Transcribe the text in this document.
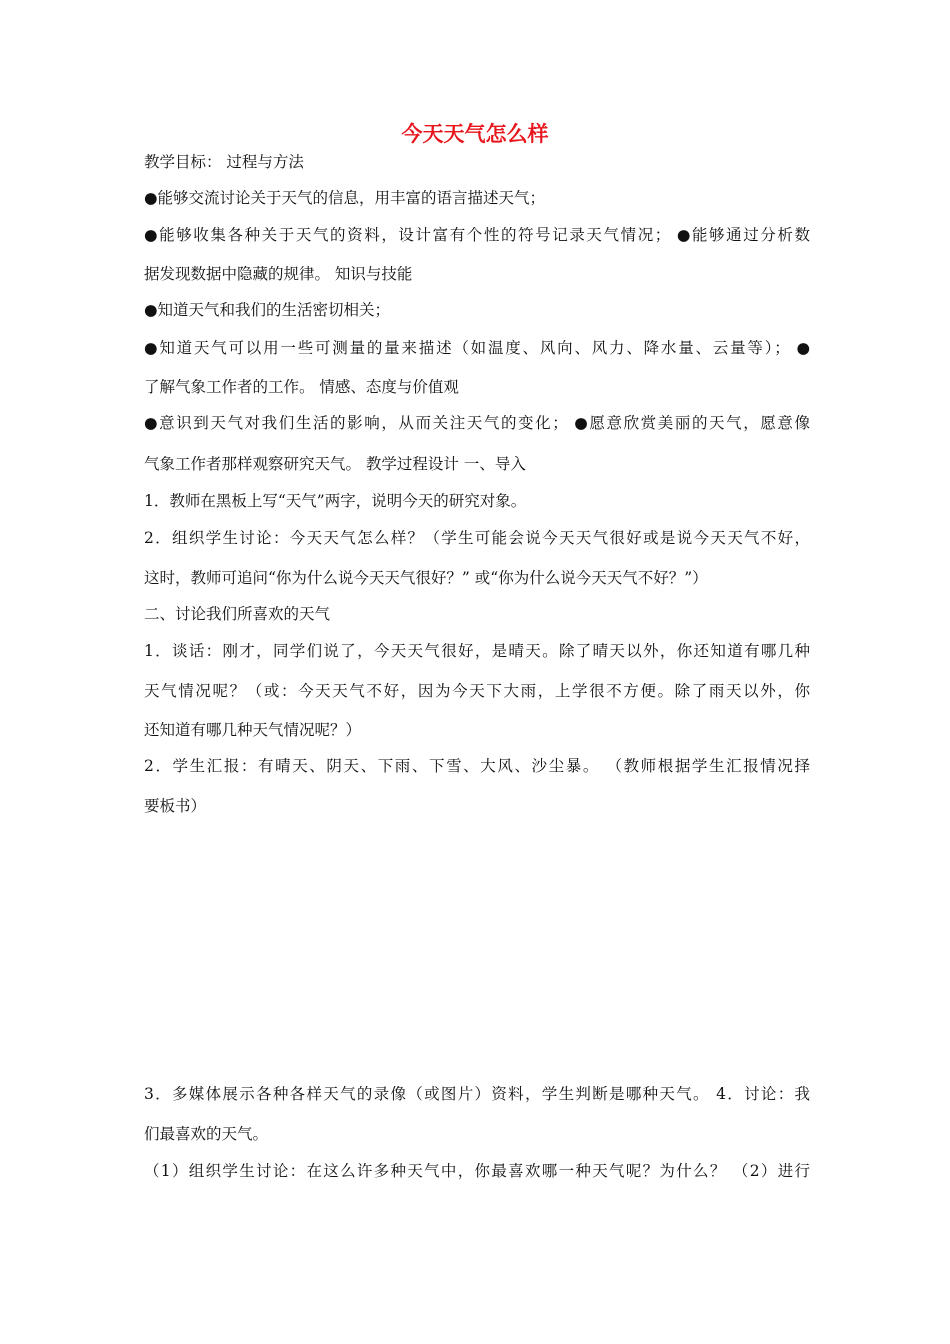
今天天气怎么样
教学目标： 过程与方法
●能够交流讨论关于天气的信息，用丰富的语言描述天气；
●能够收集各种关于天气的资料，设计富有个性的符号记录天气情况； ●能够通过分析数
据发现数据中隐藏的规律。 知识与技能
●知道天气和我们的生活密切相关；
●知道天气可以用一些可测量的量来描述（如温度、风向、风力、降水量、云量等）； ●
了解气象工作者的工作。 情感、态度与价值观
●意识到天气对我们生活的影响，从而关注天气的变化； ●愿意欣赏美丽的天气，愿意像
气象工作者那样观察研究天气。 教学过程设计 一、导入
1．教师在黑板上写“天气”两字，说明今天的研究对象。
2．组织学生讨论：今天天气怎么样？（学生可能会说今天天气很好或是说今天天气不好，
这时，教师可追问“你为什么说今天天气很好？” 或“你为什么说今天天气不好？”）
二、讨论我们所喜欢的天气
1．谈话：刚才，同学们说了，今天天气很好，是晴天。除了晴天以外，你还知道有哪几种
天气情况呢？（或：今天天气不好，因为今天下大雨，上学很不方便。除了雨天以外，你
还知道有哪几种天气情况呢？）
2．学生汇报：有晴天、阴天、下雨、下雪、大风、沙尘暴。 （教师根据学生汇报情况择
要板书）
3．多媒体展示各种各样天气的录像（或图片）资料，学生判断是哪种天气。 4．讨论：我
们最喜欢的天气。
（1）组织学生讨论：在这么许多种天气中，你最喜欢哪一种天气呢？为什么？ （2）进行
